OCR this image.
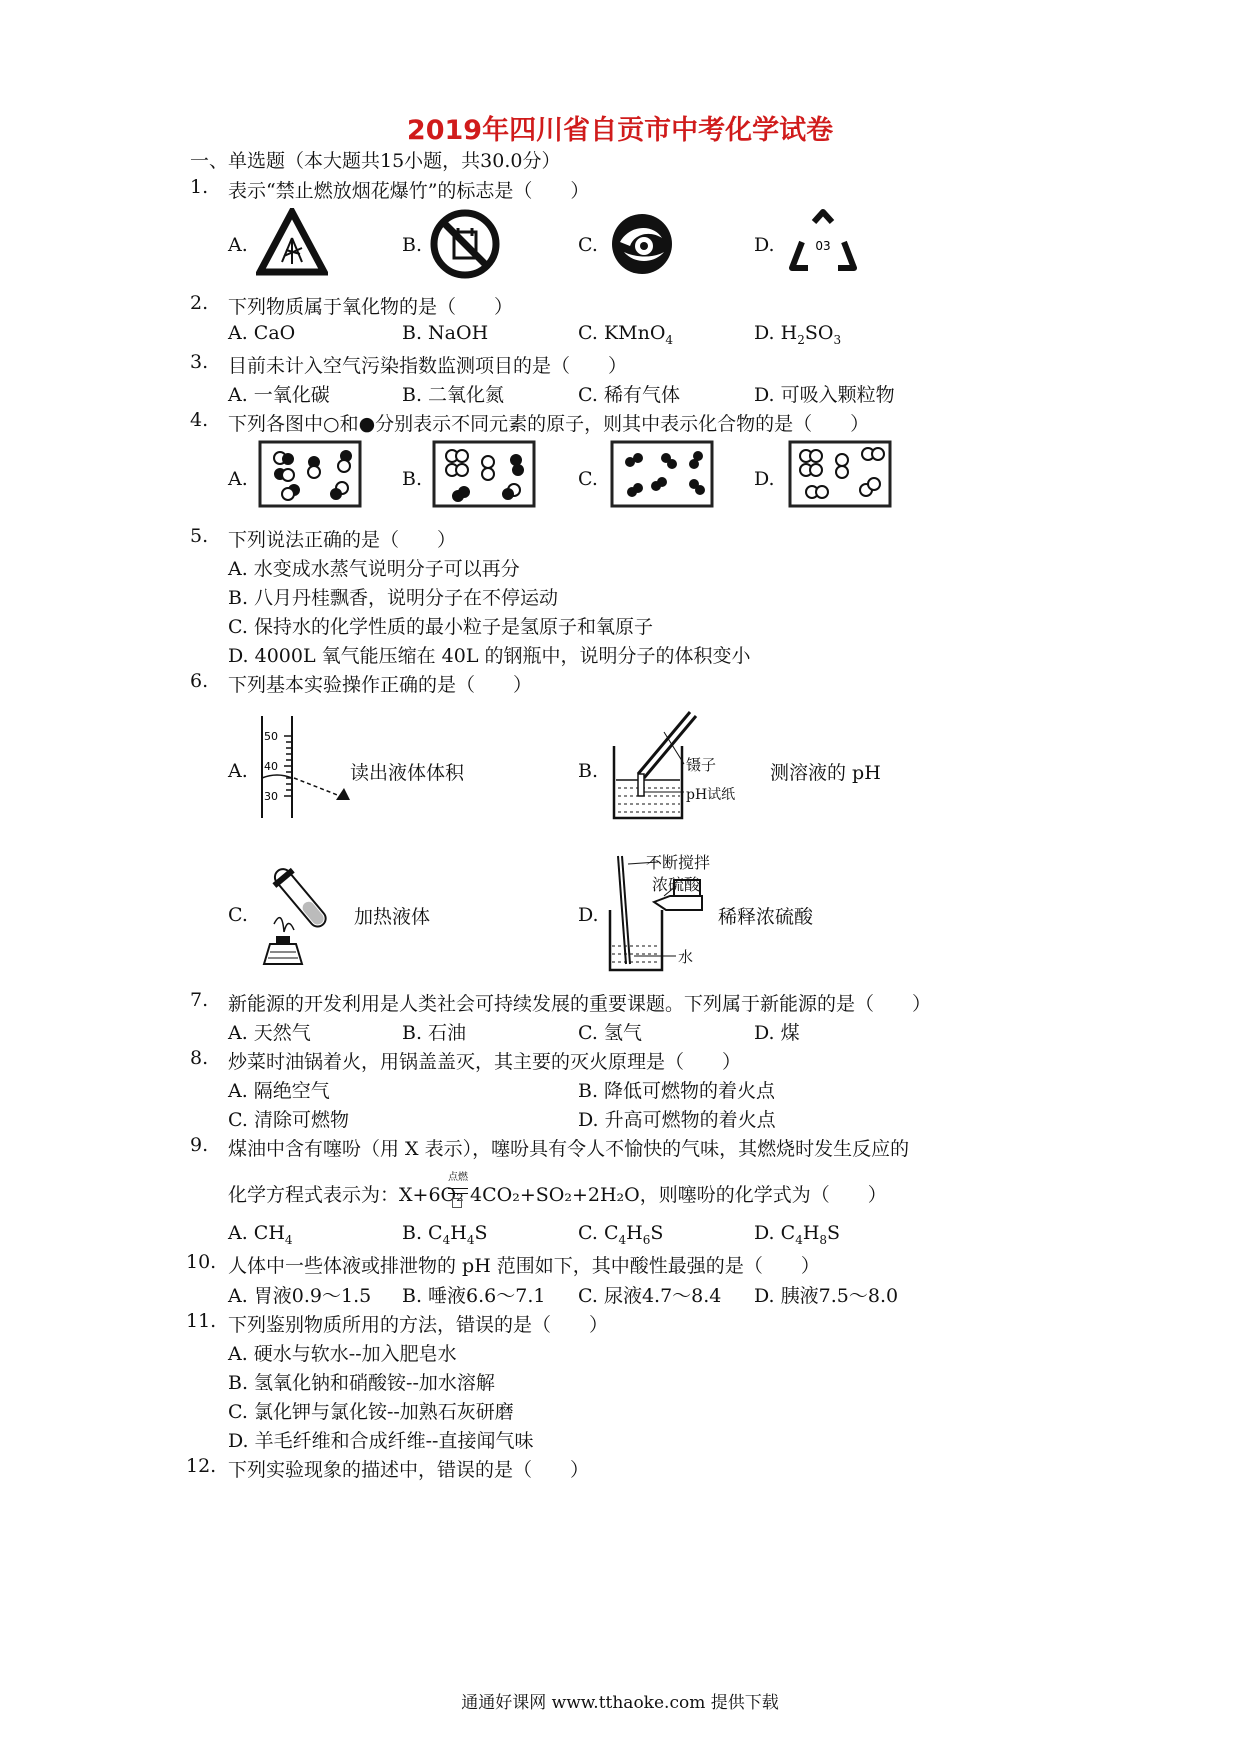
2019年四川省自贡市中考化学试卷
一、单选题（本大题共15小题，共30.0分）
1.	表示“禁止燃放烟花爆竹”的标志是（　　）
A.	B.	C.	D.	03
2.	下列物质属于氧化物的是（　　）
A. CaO	B. NaOH	C. KMnO$_4$	D. $H_2SO_3$
3.	目前未计入空气污染指数监测项目的是（　　）
A. 一氧化碳	B. 二氧化氮	C. 稀有气体	D. 可吸入颗粒物
4.	下列各图中○和●分别表示不同元素的原子，则其中表示化合物的是（　　）
A.	B.	C.	D.
5.	下列说法正确的是（　　）
A. 水变成水蒸气说明分子可以再分
B. 八月丹桂飘香，说明分子在不停运动
C. 保持水的化学性质的最小粒子是氢原子和氧原子
D. 4000L 氧气能压缩在 40L 的钢瓶中，说明分子的体积变小
6.	下列基本实验操作正确的是（　　）
A.
50
40
30
读出液体体积	B.	镊子
pH试纸
测溶液的 pH
C.	加热液体	D.
不断搅拌
浓硫酸
水
稀释浓硫酸
7.	新能源的开发利用是人类社会可持续发展的重要课题。下列属于新能源的是（　　）
A. 天然气	B. 石油	C. 氢气	D. 煤
8.	炒菜时油锅着火，用锅盖盖灭，其主要的灭火原理是（　　）
A. 隔绝空气	B. 降低可燃物的着火点
C. 清除可燃物	D. 升高可燃物的着火点
9.	煤油中含有噻吩（用 X 表示），噻吩具有令人不愉快的气味，其燃烧时发生反应的
化学方程式表示为：X+6O₂
点燃
4CO₂+SO₂+2H₂O，则噻吩的化学式为（　　）
A. $CH_4$	B. $C_4H_4S$	C. $C_4H_6S$	D. $C_4H_8S$
10. 人体中一些体液或排泄物的 pH 范围如下，其中酸性最强的是（　　）
A. 胃液0.9～1.5 B. 唾液6.6～7.1 C. 尿液4.7～8.4 D. 胰液7.5～8.0
11. 下列鉴别物质所用的方法，错误的是（　　）
A. 硬水与软水--加入肥皂水
B. 氢氧化钠和硝酸铵--加水溶解
C. 氯化钾与氯化铵--加熟石灰研磨
D. 羊毛纤维和合成纤维--直接闻气味
12. 下列实验现象的描述中，错误的是（　　）
通通好课网 www.tthaoke.com 提供下载
